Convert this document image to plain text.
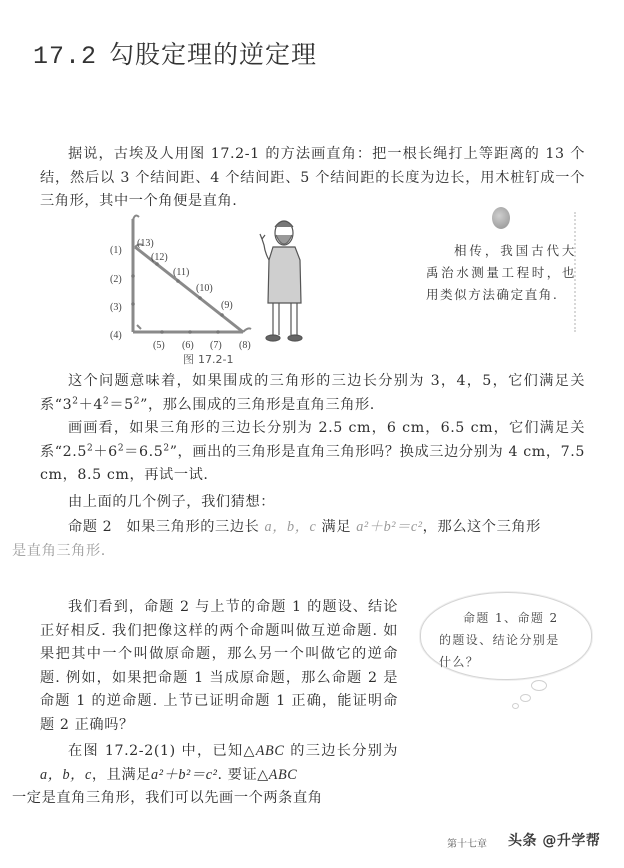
17.2 勾股定理的逆定理

据说，古埃及人用图 17.2-1 的方法画直角：把一根长绳打上等距离的 13 个结，然后以 3 个结间距、4 个结间距、5 个结间距的长度为边长，用木桩钉成一个三角形，其中一个角便是直角.

(1)
(2)
(3)
(4)
(5) (6) (7) (8)
(9)
(10)
(11)
(12)
(13)
图 17.2-1
相传，我国古代大禹治水测量工程时，也用类似方法确定直角.

这个问题意味着，如果围成的三角形的三边长分别为 3，4，5，它们满足关系“$3^2+4^2=5^2$”，那么围成的三角形是直角三角形.

画画看，如果三角形的三边长分别为 2.5 cm，6 cm，6.5 cm，它们满足关系“$2.5^2+6^2=6.5^2$”，画出的三角形是直角三角形吗？换成三边分别为 4 cm，7.5 cm，8.5 cm，再试一试.

由上面的几个例子，我们猜想：

命题 2 如果三角形的三边长 a，b，c 满足 a²＋b²＝c²，那么这个三角形
是直角三角形.

我们看到，命题 2 与上节的命题 1 的题设、结论正好相反. 我们把像这样的两个命题叫做互逆命题. 如果把其中一个叫做原命题，那么另一个叫做它的逆命题. 例如，如果把命题 1 当成原命题，那么命题 2 是命题 1 的逆命题. 上节已证明命题 1 正确，能证明命题 2 正确吗？

在图 17.2-2(1) 中，已知△ABC 的三边长分别为a，b，c，且满足a²＋b²＝c². 要证△ABC
一定是直角三角形，我们可以先画一个两条直角

命题 1、命题 2 的题设、结论分别是什么？
第十七章 头条 @升学帮
